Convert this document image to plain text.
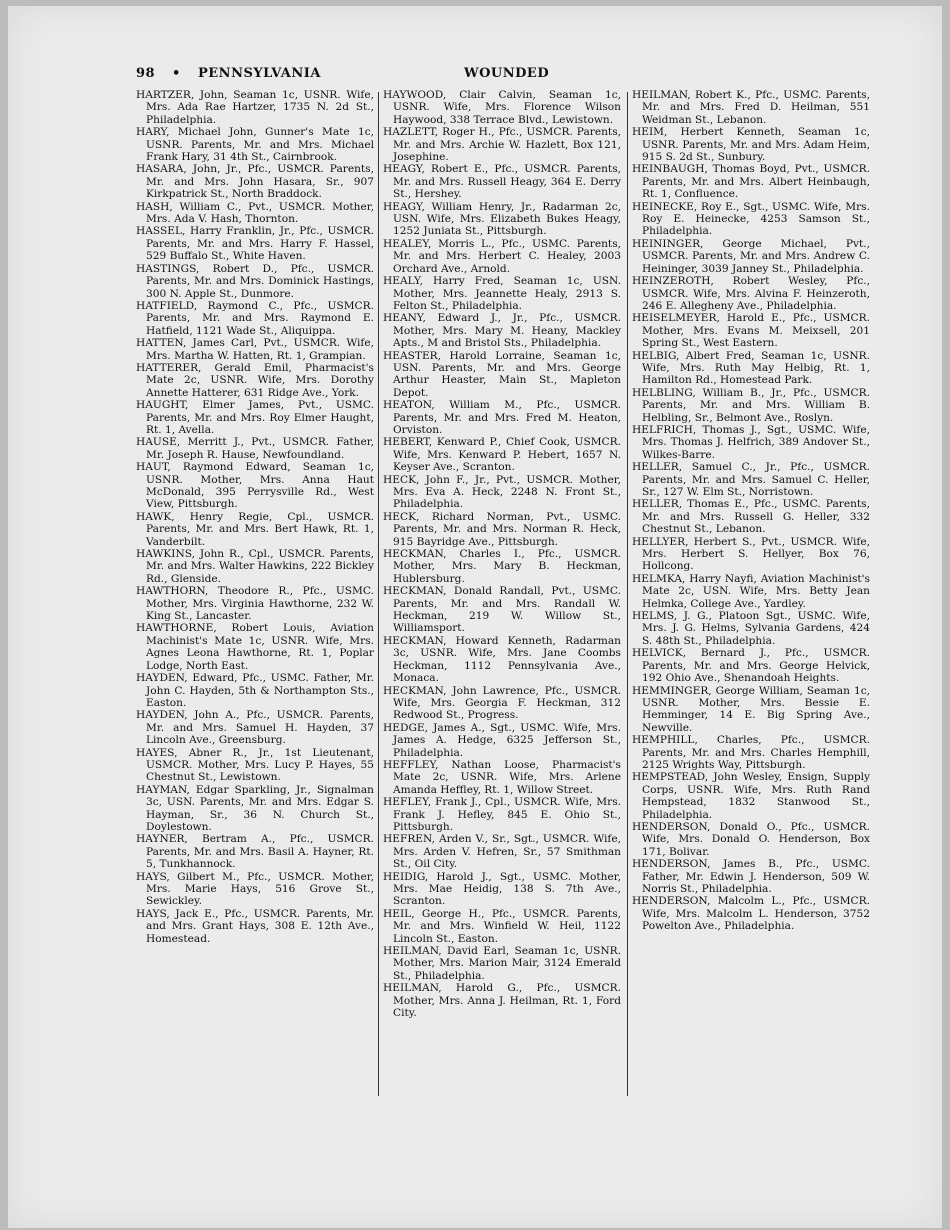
98 • PENNSYLVANIA	WOUNDED

HARTZER, John, Seaman 1c, USNR. Wife, Mrs. Ada Rae Hartzer, 1735 N. 2d St., Philadelphia.

HARY, Michael John, Gunner's Mate 1c, USNR. Parents, Mr. and Mrs. Michael Frank Hary, 31 4th St., Cairnbrook.

HASARA, John, Jr., Pfc., USMCR. Parents, Mr. and Mrs. John Hasara, Sr., 907 Kirkpatrick St., North Braddock.

HASH, William C., Pvt., USMCR. Mother, Mrs. Ada V. Hash, Thornton.

HASSEL, Harry Franklin, Jr., Pfc., USMCR. Parents, Mr. and Mrs. Harry F. Hassel, 529 Buffalo St., White Haven.

HASTINGS, Robert D., Pfc., USMCR. Parents, Mr. and Mrs. Dominick Hastings, 300 N. Apple St., Dunmore.

HATFIELD, Raymond C., Pfc., USMCR. Parents, Mr. and Mrs. Raymond E. Hatfield, 1121 Wade St., Aliquippa.

HATTEN, James Carl, Pvt., USMCR. Wife, Mrs. Martha W. Hatten, Rt. 1, Grampian.

HATTERER, Gerald Emil, Pharmacist's Mate 2c, USNR. Wife, Mrs. Dorothy Annette Hatterer, 631 Ridge Ave., York.

HAUGHT, Elmer James, Pvt., USMC. Parents, Mr. and Mrs. Roy Elmer Haught, Rt. 1, Avella.

HAUSE, Merritt J., Pvt., USMCR. Father, Mr. Joseph R. Hause, Newfoundland.

HAUT, Raymond Edward, Seaman 1c, USNR. Mother, Mrs. Anna Haut McDonald, 395 Perrysville Rd., West View, Pittsburgh.

HAWK, Henry Regie, Cpl., USMCR. Parents, Mr. and Mrs. Bert Hawk, Rt. 1, Vanderbilt.

HAWKINS, John R., Cpl., USMCR. Parents, Mr. and Mrs. Walter Hawkins, 222 Bickley Rd., Glenside.

HAWTHORN, Theodore R., Pfc., USMC. Mother, Mrs. Virginia Hawthorne, 232 W. King St., Lancaster.

HAWTHORNE, Robert Louis, Aviation Machinist's Mate 1c, USNR. Wife, Mrs. Agnes Leona Hawthorne, Rt. 1, Poplar Lodge, North East.

HAYDEN, Edward, Pfc., USMC. Father, Mr. John C. Hayden, 5th & Northampton Sts., Easton.

HAYDEN, John A., Pfc., USMCR. Parents, Mr. and Mrs. Samuel H. Hayden, 37 Lincoln Ave., Greensburg.

HAYES, Abner R., Jr., 1st Lieutenant, USMCR. Mother, Mrs. Lucy P. Hayes, 55 Chestnut St., Lewistown.

HAYMAN, Edgar Sparkling, Jr., Signalman 3c, USN. Parents, Mr. and Mrs. Edgar S. Hayman, Sr., 36 N. Church St., Doylestown.

HAYNER, Bertram A., Pfc., USMCR. Parents, Mr. and Mrs. Basil A. Hayner, Rt. 5, Tunkhannock.

HAYS, Gilbert M., Pfc., USMCR. Mother, Mrs. Marie Hays, 516 Grove St., Sewickley.

HAYS, Jack E., Pfc., USMCR. Parents, Mr. and Mrs. Grant Hays, 308 E. 12th Ave., Homestead.

HAYWOOD, Clair Calvin, Seaman 1c, USNR. Wife, Mrs. Florence Wilson Haywood, 338 Terrace Blvd., Lewistown.

HAZLETT, Roger H., Pfc., USMCR. Parents, Mr. and Mrs. Archie W. Hazlett, Box 121, Josephine.

HEAGY, Robert E., Pfc., USMCR. Parents, Mr. and Mrs. Russell Heagy, 364 E. Derry St., Hershey.

HEAGY, William Henry, Jr., Radarman 2c, USN. Wife, Mrs. Elizabeth Bukes Heagy, 1252 Juniata St., Pittsburgh.

HEALEY, Morris L., Pfc., USMC. Parents, Mr. and Mrs. Herbert C. Healey, 2003 Orchard Ave., Arnold.

HEALY, Harry Fred, Seaman 1c, USN. Mother, Mrs. Jeannette Healy, 2913 S. Felton St., Philadelphia.

HEANY, Edward J., Jr., Pfc., USMCR. Mother, Mrs. Mary M. Heany, Mackley Apts., M and Bristol Sts., Philadelphia.

HEASTER, Harold Lorraine, Seaman 1c, USN. Parents, Mr. and Mrs. George Arthur Heaster, Main St., Mapleton Depot.

HEATON, William M., Pfc., USMCR. Parents, Mr. and Mrs. Fred M. Heaton, Orviston.

HEBERT, Kenward P., Chief Cook, USMCR. Wife, Mrs. Kenward P. Hebert, 1657 N. Keyser Ave., Scranton.

HECK, John F., Jr., Pvt., USMCR. Mother, Mrs. Eva A. Heck, 2248 N. Front St., Philadelphia.

HECK, Richard Norman, Pvt., USMC. Parents, Mr. and Mrs. Norman R. Heck, 915 Bayridge Ave., Pittsburgh.

HECKMAN, Charles I., Pfc., USMCR. Mother, Mrs. Mary B. Heckman, Hublersburg.

HECKMAN, Donald Randall, Pvt., USMC. Parents, Mr. and Mrs. Randall W. Heckman, 219 W. Willow St., Williamsport.

HECKMAN, Howard Kenneth, Radarman 3c, USNR. Wife, Mrs. Jane Coombs Heckman, 1112 Pennsylvania Ave., Monaca.

HECKMAN, John Lawrence, Pfc., USMCR. Wife, Mrs. Georgia F. Heckman, 312 Redwood St., Progress.

HEDGE, James A., Sgt., USMC. Wife, Mrs. James A. Hedge, 6325 Jefferson St., Philadelphia.

HEFFLEY, Nathan Loose, Pharmacist's Mate 2c, USNR. Wife, Mrs. Arlene Amanda Heffley, Rt. 1, Willow Street.

HEFLEY, Frank J., Cpl., USMCR. Wife, Mrs. Frank J. Hefley, 845 E. Ohio St., Pittsburgh.

HEFREN, Arden V., Sr., Sgt., USMCR. Wife, Mrs. Arden V. Hefren, Sr., 57 Smithman St., Oil City.

HEIDIG, Harold J., Sgt., USMC. Mother, Mrs. Mae Heidig, 138 S. 7th Ave., Scranton.

HEIL, George H., Pfc., USMCR. Parents, Mr. and Mrs. Winfield W. Heil, 1122 Lincoln St., Easton.

HEILMAN, David Earl, Seaman 1c, USNR. Mother, Mrs. Marion Mair, 3124 Emerald St., Philadelphia.

HEILMAN, Harold G., Pfc., USMCR. Mother, Mrs. Anna J. Heilman, Rt. 1, Ford City.

HEILMAN, Robert K., Pfc., USMC. Parents, Mr. and Mrs. Fred D. Heilman, 551 Weidman St., Lebanon.

HEIM, Herbert Kenneth, Seaman 1c, USNR. Parents, Mr. and Mrs. Adam Heim, 915 S. 2d St., Sunbury.

HEINBAUGH, Thomas Boyd, Pvt., USMCR. Parents, Mr. and Mrs. Albert Heinbaugh, Rt. 1, Confluence.

HEINECKE, Roy E., Sgt., USMC. Wife, Mrs. Roy E. Heinecke, 4253 Samson St., Philadelphia.

HEININGER, George Michael, Pvt., USMCR. Parents, Mr. and Mrs. Andrew C. Heininger, 3039 Janney St., Philadelphia.

HEINZEROTH, Robert Wesley, Pfc., USMCR. Wife, Mrs. Alvina F. Heinzeroth, 246 E. Allegheny Ave., Philadelphia.

HEISELMEYER, Harold E., Pfc., USMCR. Mother, Mrs. Evans M. Meixsell, 201 Spring St., West Eastern.

HELBIG, Albert Fred, Seaman 1c, USNR. Wife, Mrs. Ruth May Helbig, Rt. 1, Hamilton Rd., Homestead Park.

HELBLING, William B., Jr., Pfc., USMCR. Parents, Mr. and Mrs. William B. Helbling, Sr., Belmont Ave., Roslyn.

HELFRICH, Thomas J., Sgt., USMC. Wife, Mrs. Thomas J. Helfrich, 389 Andover St., Wilkes-Barre.

HELLER, Samuel C., Jr., Pfc., USMCR. Parents, Mr. and Mrs. Samuel C. Heller, Sr., 127 W. Elm St., Norristown.

HELLER, Thomas E., Pfc., USMC. Parents, Mr. and Mrs. Russell G. Heller, 332 Chestnut St., Lebanon.

HELLYER, Herbert S., Pvt., USMCR. Wife, Mrs. Herbert S. Hellyer, Box 76, Hollcong.

HELMKA, Harry Nayfi, Aviation Machinist's Mate 2c, USN. Wife, Mrs. Betty Jean Helmka, College Ave., Yardley.

HELMS, J. G., Platoon Sgt., USMC. Wife, Mrs. J. G. Helms, Sylvania Gardens, 424 S. 48th St., Philadelphia.

HELVICK, Bernard J., Pfc., USMCR. Parents, Mr. and Mrs. George Helvick, 192 Ohio Ave., Shenandoah Heights.

HEMMINGER, George William, Seaman 1c, USNR. Mother, Mrs. Bessie E. Hemminger, 14 E. Big Spring Ave., Newville.

HEMPHILL, Charles, Pfc., USMCR. Parents, Mr. and Mrs. Charles Hemphill, 2125 Wrights Way, Pittsburgh.

HEMPSTEAD, John Wesley, Ensign, Supply Corps, USNR. Wife, Mrs. Ruth Rand Hempstead, 1832 Stanwood St., Philadelphia.

HENDERSON, Donald O., Pfc., USMCR. Wife, Mrs. Donald O. Henderson, Box 171, Bolivar.

HENDERSON, James B., Pfc., USMC. Father, Mr. Edwin J. Henderson, 509 W. Norris St., Philadelphia.

HENDERSON, Malcolm L., Pfc., USMCR. Wife, Mrs. Malcolm L. Henderson, 3752 Powelton Ave., Philadelphia.
